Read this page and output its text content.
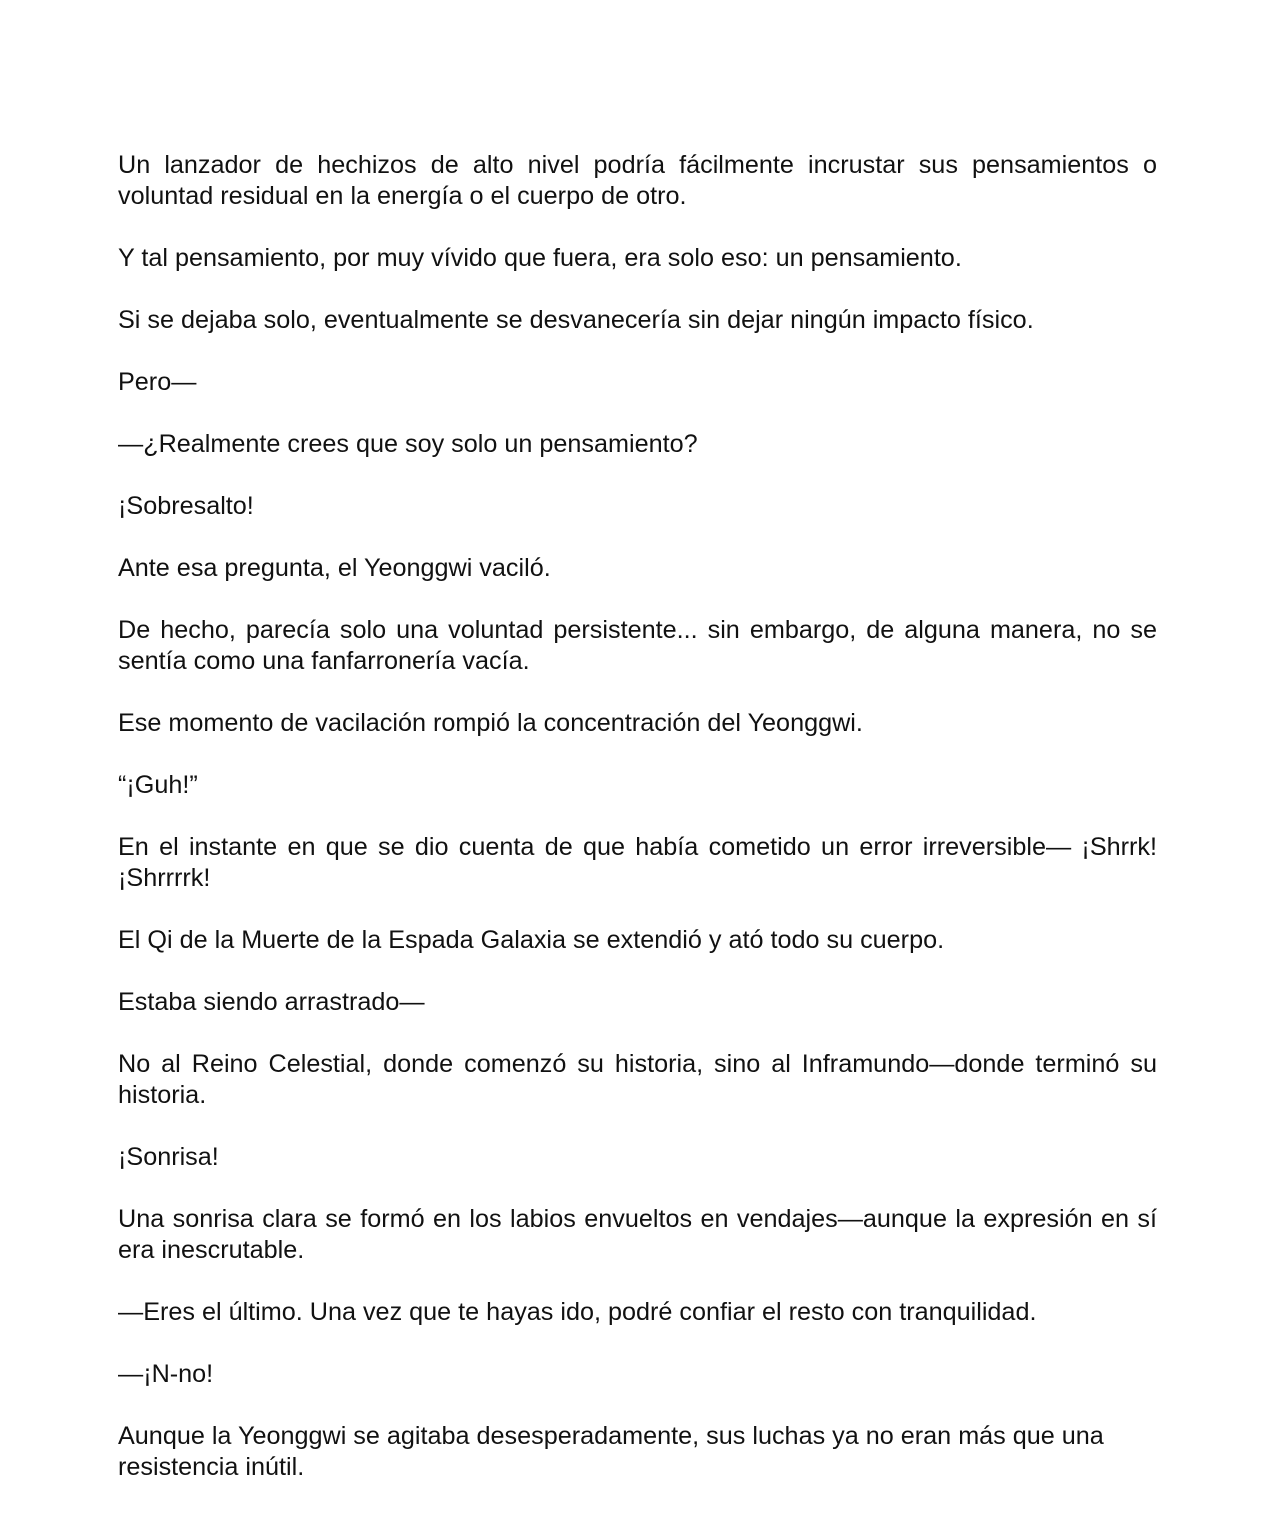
Un lanzador de hechizos de alto nivel podría fácilmente incrustar sus pensamientos o voluntad residual en la energía o el cuerpo de otro.

Y tal pensamiento, por muy vívido que fuera, era solo eso: un pensamiento.

Si se dejaba solo, eventualmente se desvanecería sin dejar ningún impacto físico.

Pero—

—¿Realmente crees que soy solo un pensamiento?

¡Sobresalto!

Ante esa pregunta, el Yeonggwi vaciló.

De hecho, parecía solo una voluntad persistente... sin embargo, de alguna manera, no se sentía como una fanfarronería vacía.

Ese momento de vacilación rompió la concentración del Yeonggwi.

“¡Guh!”

En el instante en que se dio cuenta de que había cometido un error irreversible— ¡Shrrk! ¡Shrrrrk!

El Qi de la Muerte de la Espada Galaxia se extendió y ató todo su cuerpo.

Estaba siendo arrastrado—

No al Reino Celestial, donde comenzó su historia, sino al Inframundo—donde terminó su historia.

¡Sonrisa!

Una sonrisa clara se formó en los labios envueltos en vendajes—aunque la expresión en sí era inescrutable.

—Eres el último. Una vez que te hayas ido, podré confiar el resto con tranquilidad.

—¡N-no!

Aunque la Yeonggwi se agitaba desesperadamente, sus luchas ya no eran más que una resistencia inútil.
